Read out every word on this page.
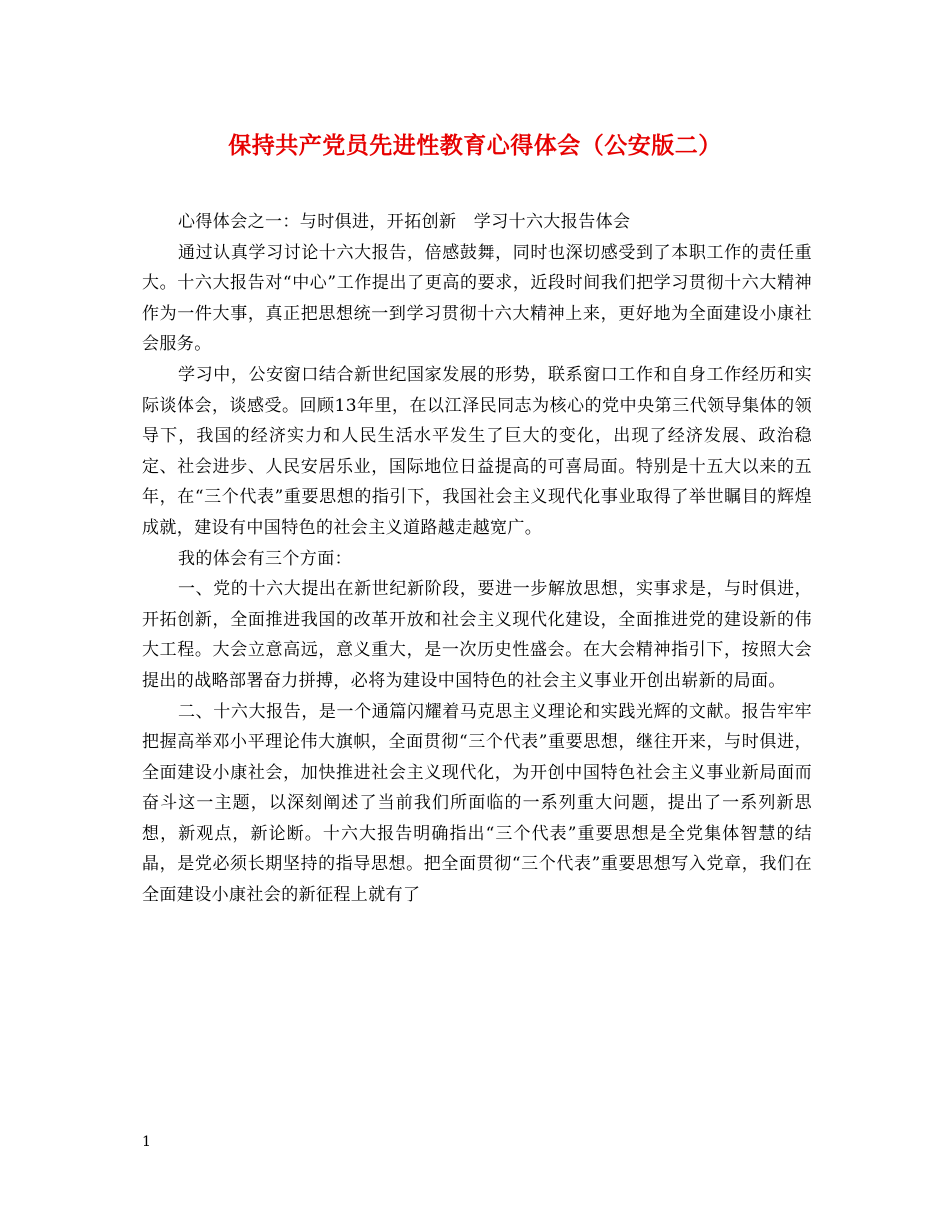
保持共产党员先进性教育心得体会（公安版二）

心得体会之一：与时俱进，开拓创新　学习十六大报告体会

通过认真学习讨论十六大报告，倍感鼓舞，同时也深切感受到了本职工作的责任重大。十六大报告对“中心”工作提出了更高的要求，近段时间我们把学习贯彻十六大精神作为一件大事，真正把思想统一到学习贯彻十六大精神上来，更好地为全面建设小康社会服务。

学习中，公安窗口结合新世纪国家发展的形势，联系窗口工作和自身工作经历和实际谈体会，谈感受。回顾13年里，在以江泽民同志为核心的党中央第三代领导集体的领导下，我国的经济实力和人民生活水平发生了巨大的变化，出现了经济发展、政治稳定、社会进步、人民安居乐业，国际地位日益提高的可喜局面。特别是十五大以来的五年，在“三个代表”重要思想的指引下，我国社会主义现代化事业取得了举世瞩目的辉煌成就，建设有中国特色的社会主义道路越走越宽广。

我的体会有三个方面：

一、党的十六大提出在新世纪新阶段，要进一步解放思想，实事求是，与时俱进，开拓创新，全面推进我国的改革开放和社会主义现代化建设，全面推进党的建设新的伟大工程。大会立意高远，意义重大，是一次历史性盛会。在大会精神指引下，按照大会提出的战略部署奋力拼搏，必将为建设中国特色的社会主义事业开创出崭新的局面。

二、十六大报告，是一个通篇闪耀着马克思主义理论和实践光辉的文献。报告牢牢把握高举邓小平理论伟大旗帜，全面贯彻“三个代表”重要思想，继往开来，与时俱进，全面建设小康社会，加快推进社会主义现代化，为开创中国特色社会主义事业新局面而奋斗这一主题，以深刻阐述了当前我们所面临的一系列重大问题，提出了一系列新思想，新观点，新论断。十六大报告明确指出“三个代表”重要思想是全党集体智慧的结晶，是党必须长期坚持的指导思想。把全面贯彻“三个代表”重要思想写入党章，我们在全面建设小康社会的新征程上就有了

1
